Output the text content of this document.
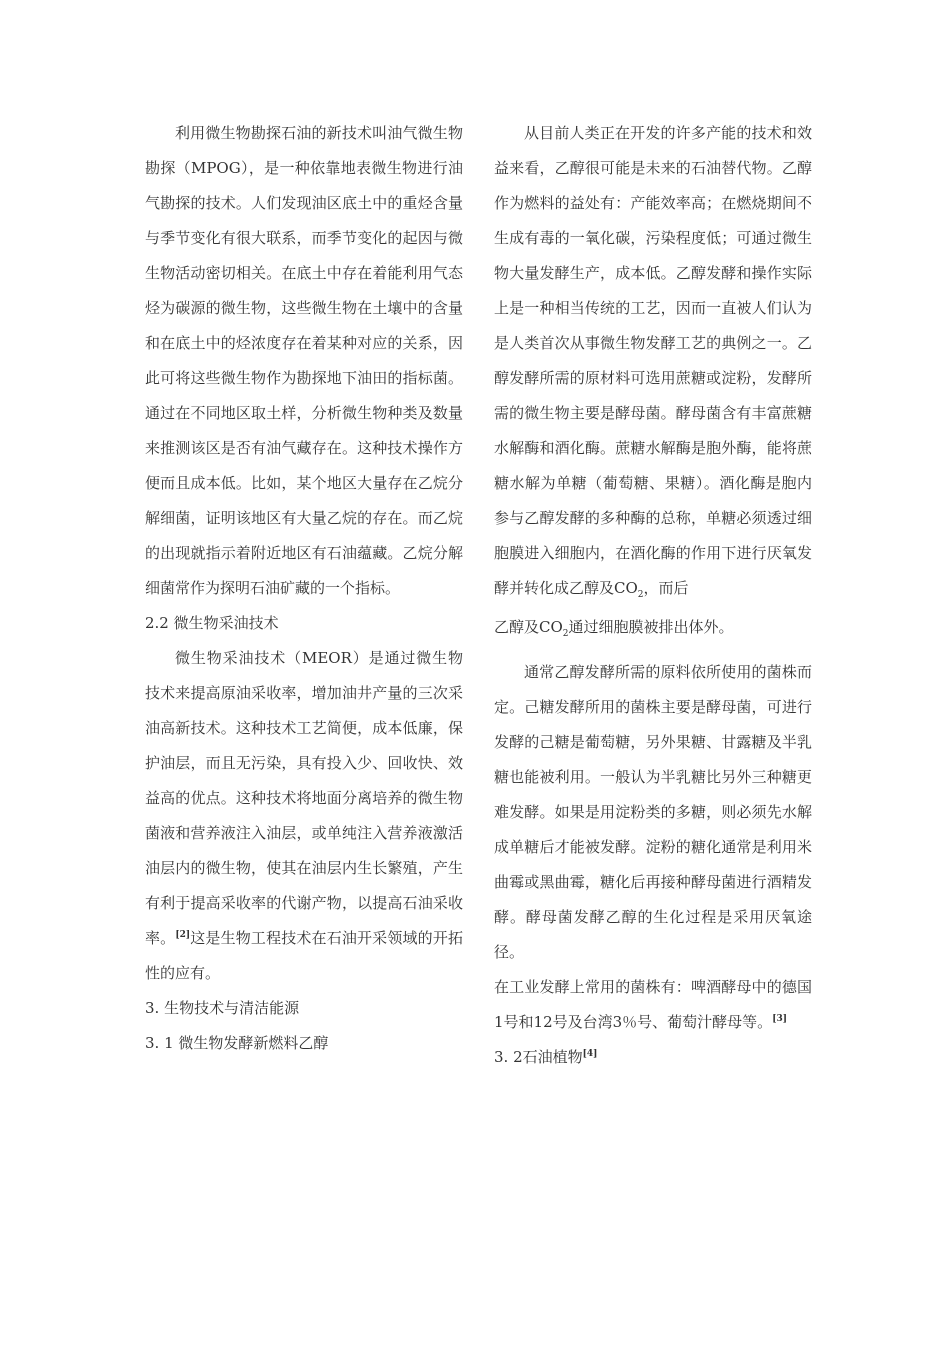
利用微生物勘探石油的新技术叫油气微生物勘探（MPOG），是一种依靠地表微生物进行油气勘探的技术。人们发现油区底土中的重烃含量与季节变化有很大联系，而季节变化的起因与微生物活动密切相关。在底土中存在着能利用气态烃为碳源的微生物，这些微生物在土壤中的含量和在底土中的烃浓度存在着某种对应的关系，因此可将这些微生物作为勘探地下油田的指标菌。通过在不同地区取土样，分析微生物种类及数量来推测该区是否有油气藏存在。这种技术操作方便而且成本低。比如，某个地区大量存在乙烷分解细菌，证明该地区有大量乙烷的存在。而乙烷的出现就指示着附近地区有石油蕴藏。乙烷分解细菌常作为探明石油矿藏的一个指标。

2.2 微生物采油技术

微生物采油技术（MEOR）是通过微生物技术来提高原油采收率，增加油井产量的三次采油高新技术。这种技术工艺简便，成本低廉，保护油层，而且无污染，具有投入少、回收快、效益高的优点。这种技术将地面分离培养的微生物菌液和营养液注入油层，或单纯注入营养液激活油层内的微生物，使其在油层内生长繁殖，产生有利于提高采收率的代谢产物，以提高石油采收率。[2]这是生物工程技术在石油开采领域的开拓性的应有。

3. 生物技术与清洁能源

3. 1 微生物发酵新燃料乙醇

从目前人类正在开发的许多产能的技术和效益来看，乙醇很可能是未来的石油替代物。乙醇作为燃料的益处有：产能效率高；在燃烧期间不生成有毒的一氧化碳，污染程度低；可通过微生物大量发酵生产，成本低。乙醇发酵和操作实际上是一种相当传统的工艺，因而一直被人们认为是人类首次从事微生物发酵工艺的典例之一。乙醇发酵所需的原材料可选用蔗糖或淀粉，发酵所需的微生物主要是酵母菌。酵母菌含有丰富蔗糖水解酶和酒化酶。蔗糖水解酶是胞外酶，能将蔗糖水解为单糖（葡萄糖、果糖）。酒化酶是胞内参与乙醇发酵的多种酶的总称，单糖必须透过细胞膜进入细胞内，在酒化酶的作用下进行厌氧发酵并转化成乙醇及$CO_2$，而后

乙醇及$CO_2$通过细胞膜被排出体外。

通常乙醇发酵所需的原料依所使用的菌株而定。己糖发酵所用的菌株主要是酵母菌，可进行发酵的己糖是葡萄糖，另外果糖、甘露糖及半乳糖也能被利用。一般认为半乳糖比另外三种糖更难发酵。如果是用淀粉类的多糖，则必须先水解成单糖后才能被发酵。淀粉的糖化通常是利用米曲霉或黑曲霉，糖化后再接种酵母菌进行酒精发酵。酵母菌发酵乙醇的生化过程是采用厌氧途径。

在工业发酵上常用的菌株有：啤酒酵母中的德国1号和12号及台湾3％号、葡萄汁酵母等。[3]

3. 2石油植物[4]
